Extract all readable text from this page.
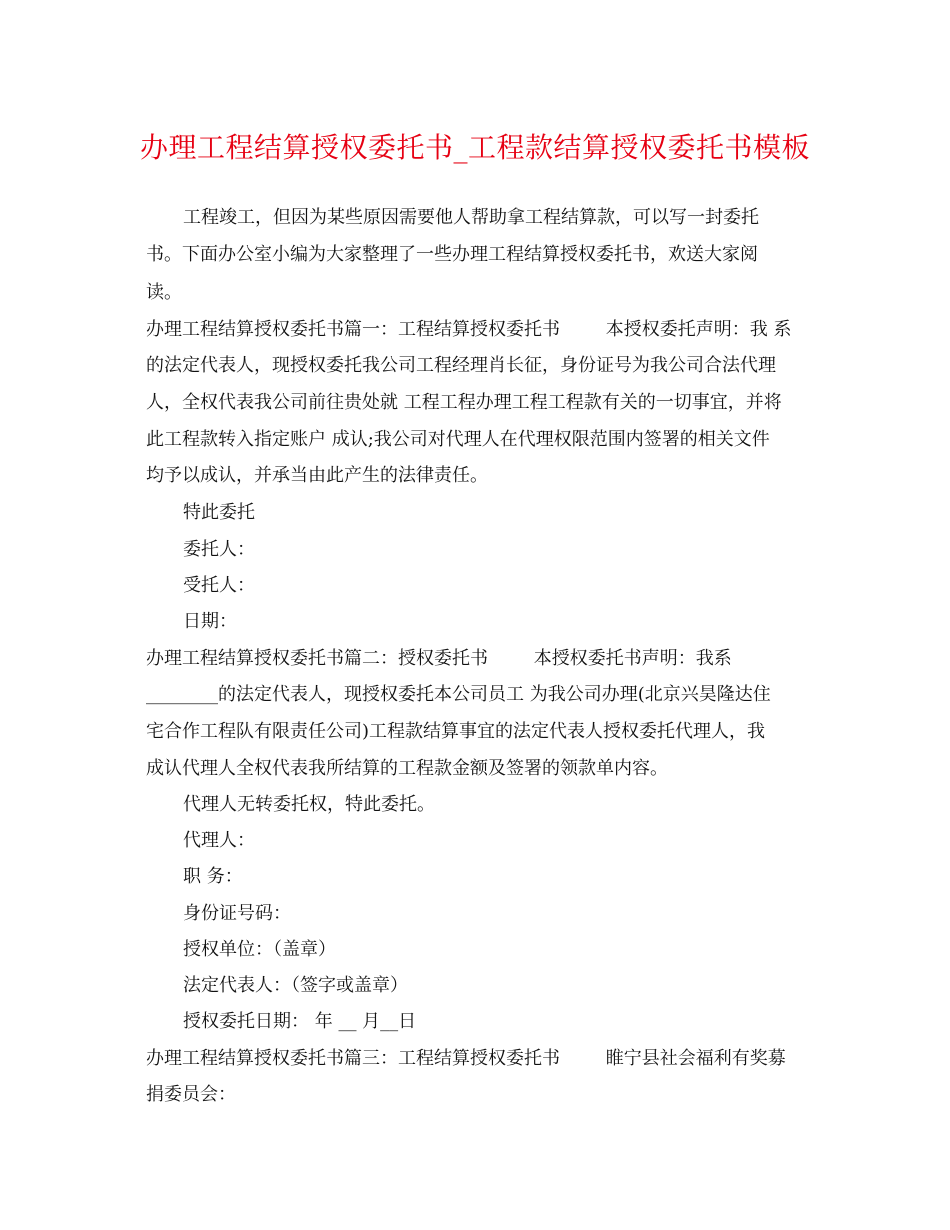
办理工程结算授权委托书_工程款结算授权委托书模板
工程竣工，但因为某些原因需要他人帮助拿工程结算款，可以写一封委托
书。下面办公室小编为大家整理了一些办理工程结算授权委托书，欢送大家阅
读。
办理工程结算授权委托书篇一：工程结算授权委托书        本授权委托声明：我 系
的法定代表人，现授权委托我公司工程经理肖长征，身份证号为我公司合法代理
人，全权代表我公司前往贵处就 工程工程办理工程工程款有关的一切事宜，并将
此工程款转入指定账户 成认;我公司对代理人在代理权限范围内签署的相关文件
均予以成认，并承当由此产生的法律责任。
特此委托
委托人：
受托人：
日期：
办理工程结算授权委托书篇二：授权委托书        本授权委托书声明：我系
________的法定代表人，现授权委托本公司员工 为我公司办理(北京兴昊隆达住
宅合作工程队有限责任公司)工程款结算事宜的法定代表人授权委托代理人，我
成认代理人全权代表我所结算的工程款金额及签署的领款单内容。
代理人无转委托权，特此委托。
代理人：
职 务：
身份证号码：
授权单位：（盖章）
法定代表人：（签字或盖章）
授权委托日期： 年 __ 月__日
办理工程结算授权委托书篇三：工程结算授权委托书        睢宁县社会福利有奖募
捐委员会：
